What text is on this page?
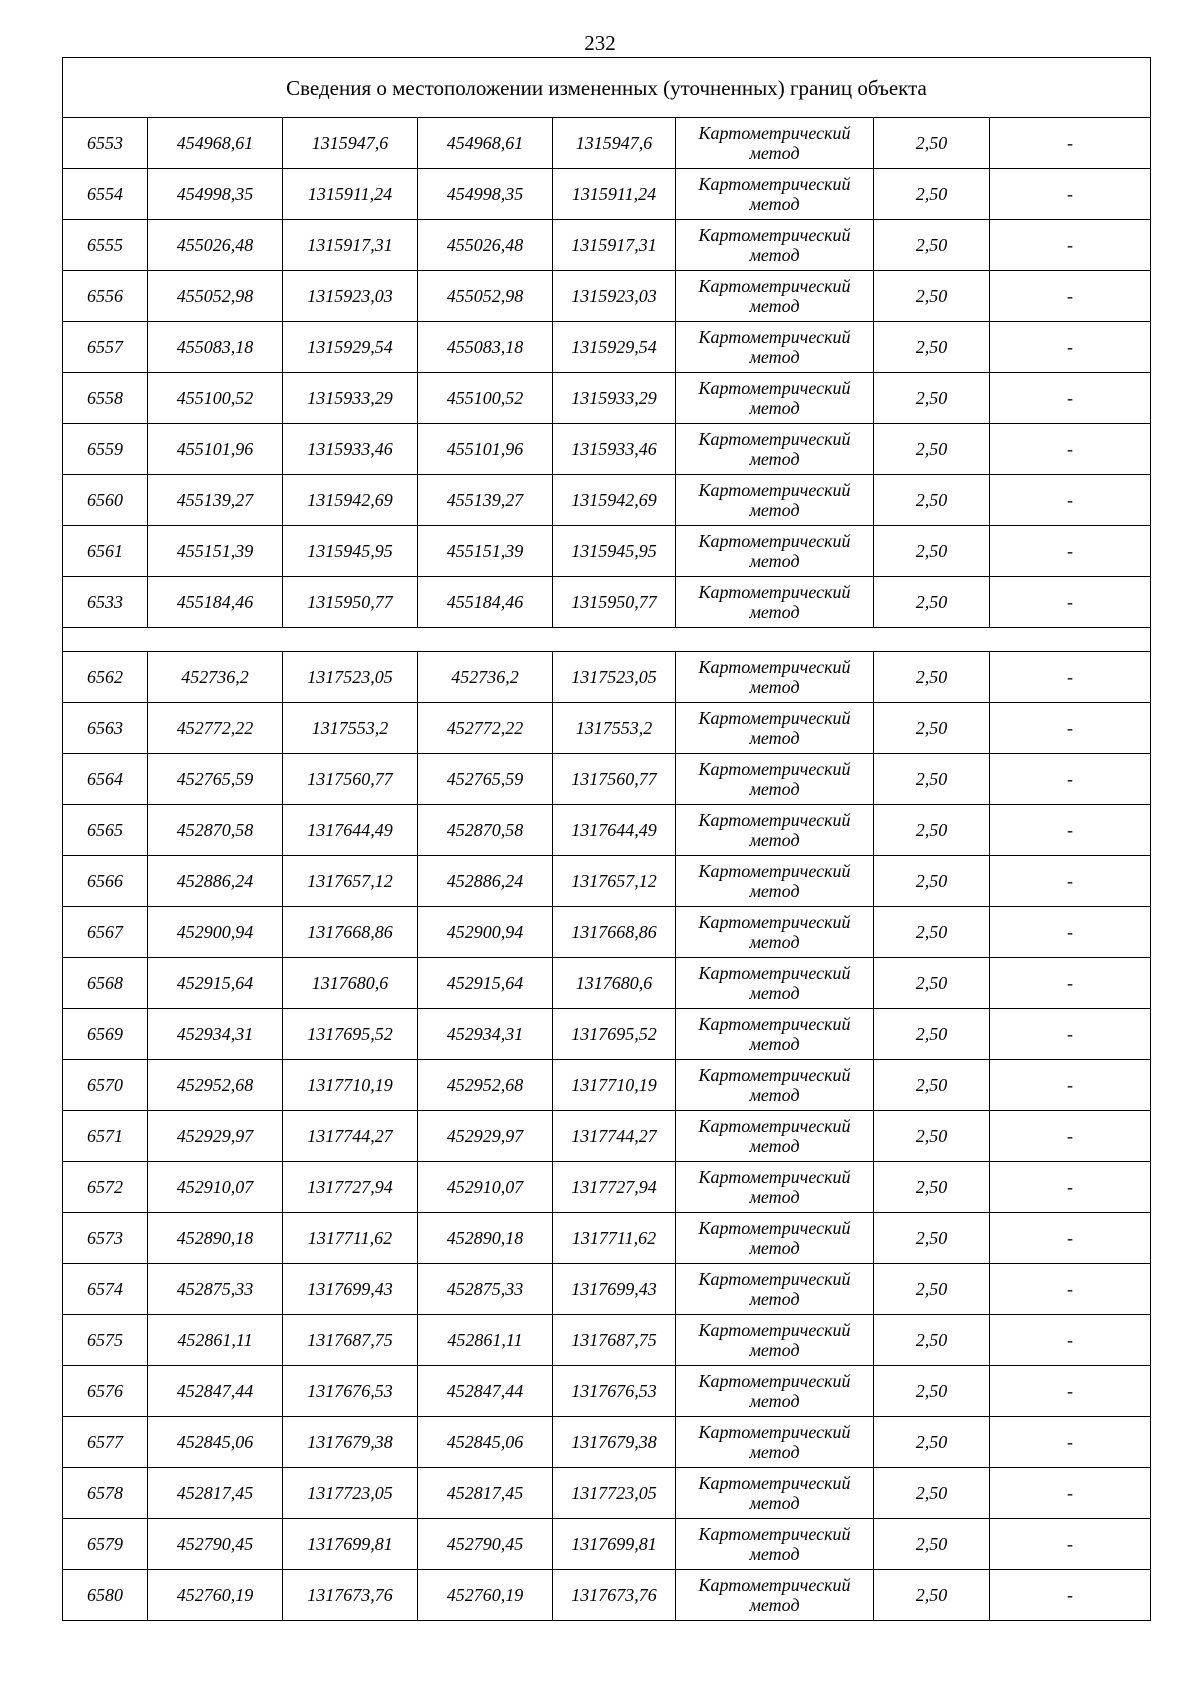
232
Сведения о местоположении измененных (уточненных) границ объекта							
6553	454968,61	1315947,6	454968,61	1315947,6	Картометрический
метод	2,50	-
6554	454998,35	1315911,24	454998,35	1315911,24	Картометрический
метод	2,50	-
6555	455026,48	1315917,31	455026,48	1315917,31	Картометрический
метод	2,50	-
6556	455052,98	1315923,03	455052,98	1315923,03	Картометрический
метод	2,50	-
6557	455083,18	1315929,54	455083,18	1315929,54	Картометрический
метод	2,50	-
6558	455100,52	1315933,29	455100,52	1315933,29	Картометрический
метод	2,50	-
6559	455101,96	1315933,46	455101,96	1315933,46	Картометрический
метод	2,50	-
6560	455139,27	1315942,69	455139,27	1315942,69	Картометрический
метод	2,50	-
6561	455151,39	1315945,95	455151,39	1315945,95	Картометрический
метод	2,50	-
6533	455184,46	1315950,77	455184,46	1315950,77	Картометрический
метод	2,50	-

6562	452736,2	1317523,05	452736,2	1317523,05	Картометрический
метод	2,50	-
6563	452772,22	1317553,2	452772,22	1317553,2	Картометрический
метод	2,50	-
6564	452765,59	1317560,77	452765,59	1317560,77	Картометрический
метод	2,50	-
6565	452870,58	1317644,49	452870,58	1317644,49	Картометрический
метод	2,50	-
6566	452886,24	1317657,12	452886,24	1317657,12	Картометрический
метод	2,50	-
6567	452900,94	1317668,86	452900,94	1317668,86	Картометрический
метод	2,50	-
6568	452915,64	1317680,6	452915,64	1317680,6	Картометрический
метод	2,50	-
6569	452934,31	1317695,52	452934,31	1317695,52	Картометрический
метод	2,50	-
6570	452952,68	1317710,19	452952,68	1317710,19	Картометрический
метод	2,50	-
6571	452929,97	1317744,27	452929,97	1317744,27	Картометрический
метод	2,50	-
6572	452910,07	1317727,94	452910,07	1317727,94	Картометрический
метод	2,50	-
6573	452890,18	1317711,62	452890,18	1317711,62	Картометрический
метод	2,50	-
6574	452875,33	1317699,43	452875,33	1317699,43	Картометрический
метод	2,50	-
6575	452861,11	1317687,75	452861,11	1317687,75	Картометрический
метод	2,50	-
6576	452847,44	1317676,53	452847,44	1317676,53	Картометрический
метод	2,50	-
6577	452845,06	1317679,38	452845,06	1317679,38	Картометрический
метод	2,50	-
6578	452817,45	1317723,05	452817,45	1317723,05	Картометрический
метод	2,50	-
6579	452790,45	1317699,81	452790,45	1317699,81	Картометрический
метод	2,50	-
6580	452760,19	1317673,76	452760,19	1317673,76	Картометрический
метод	2,50	-
